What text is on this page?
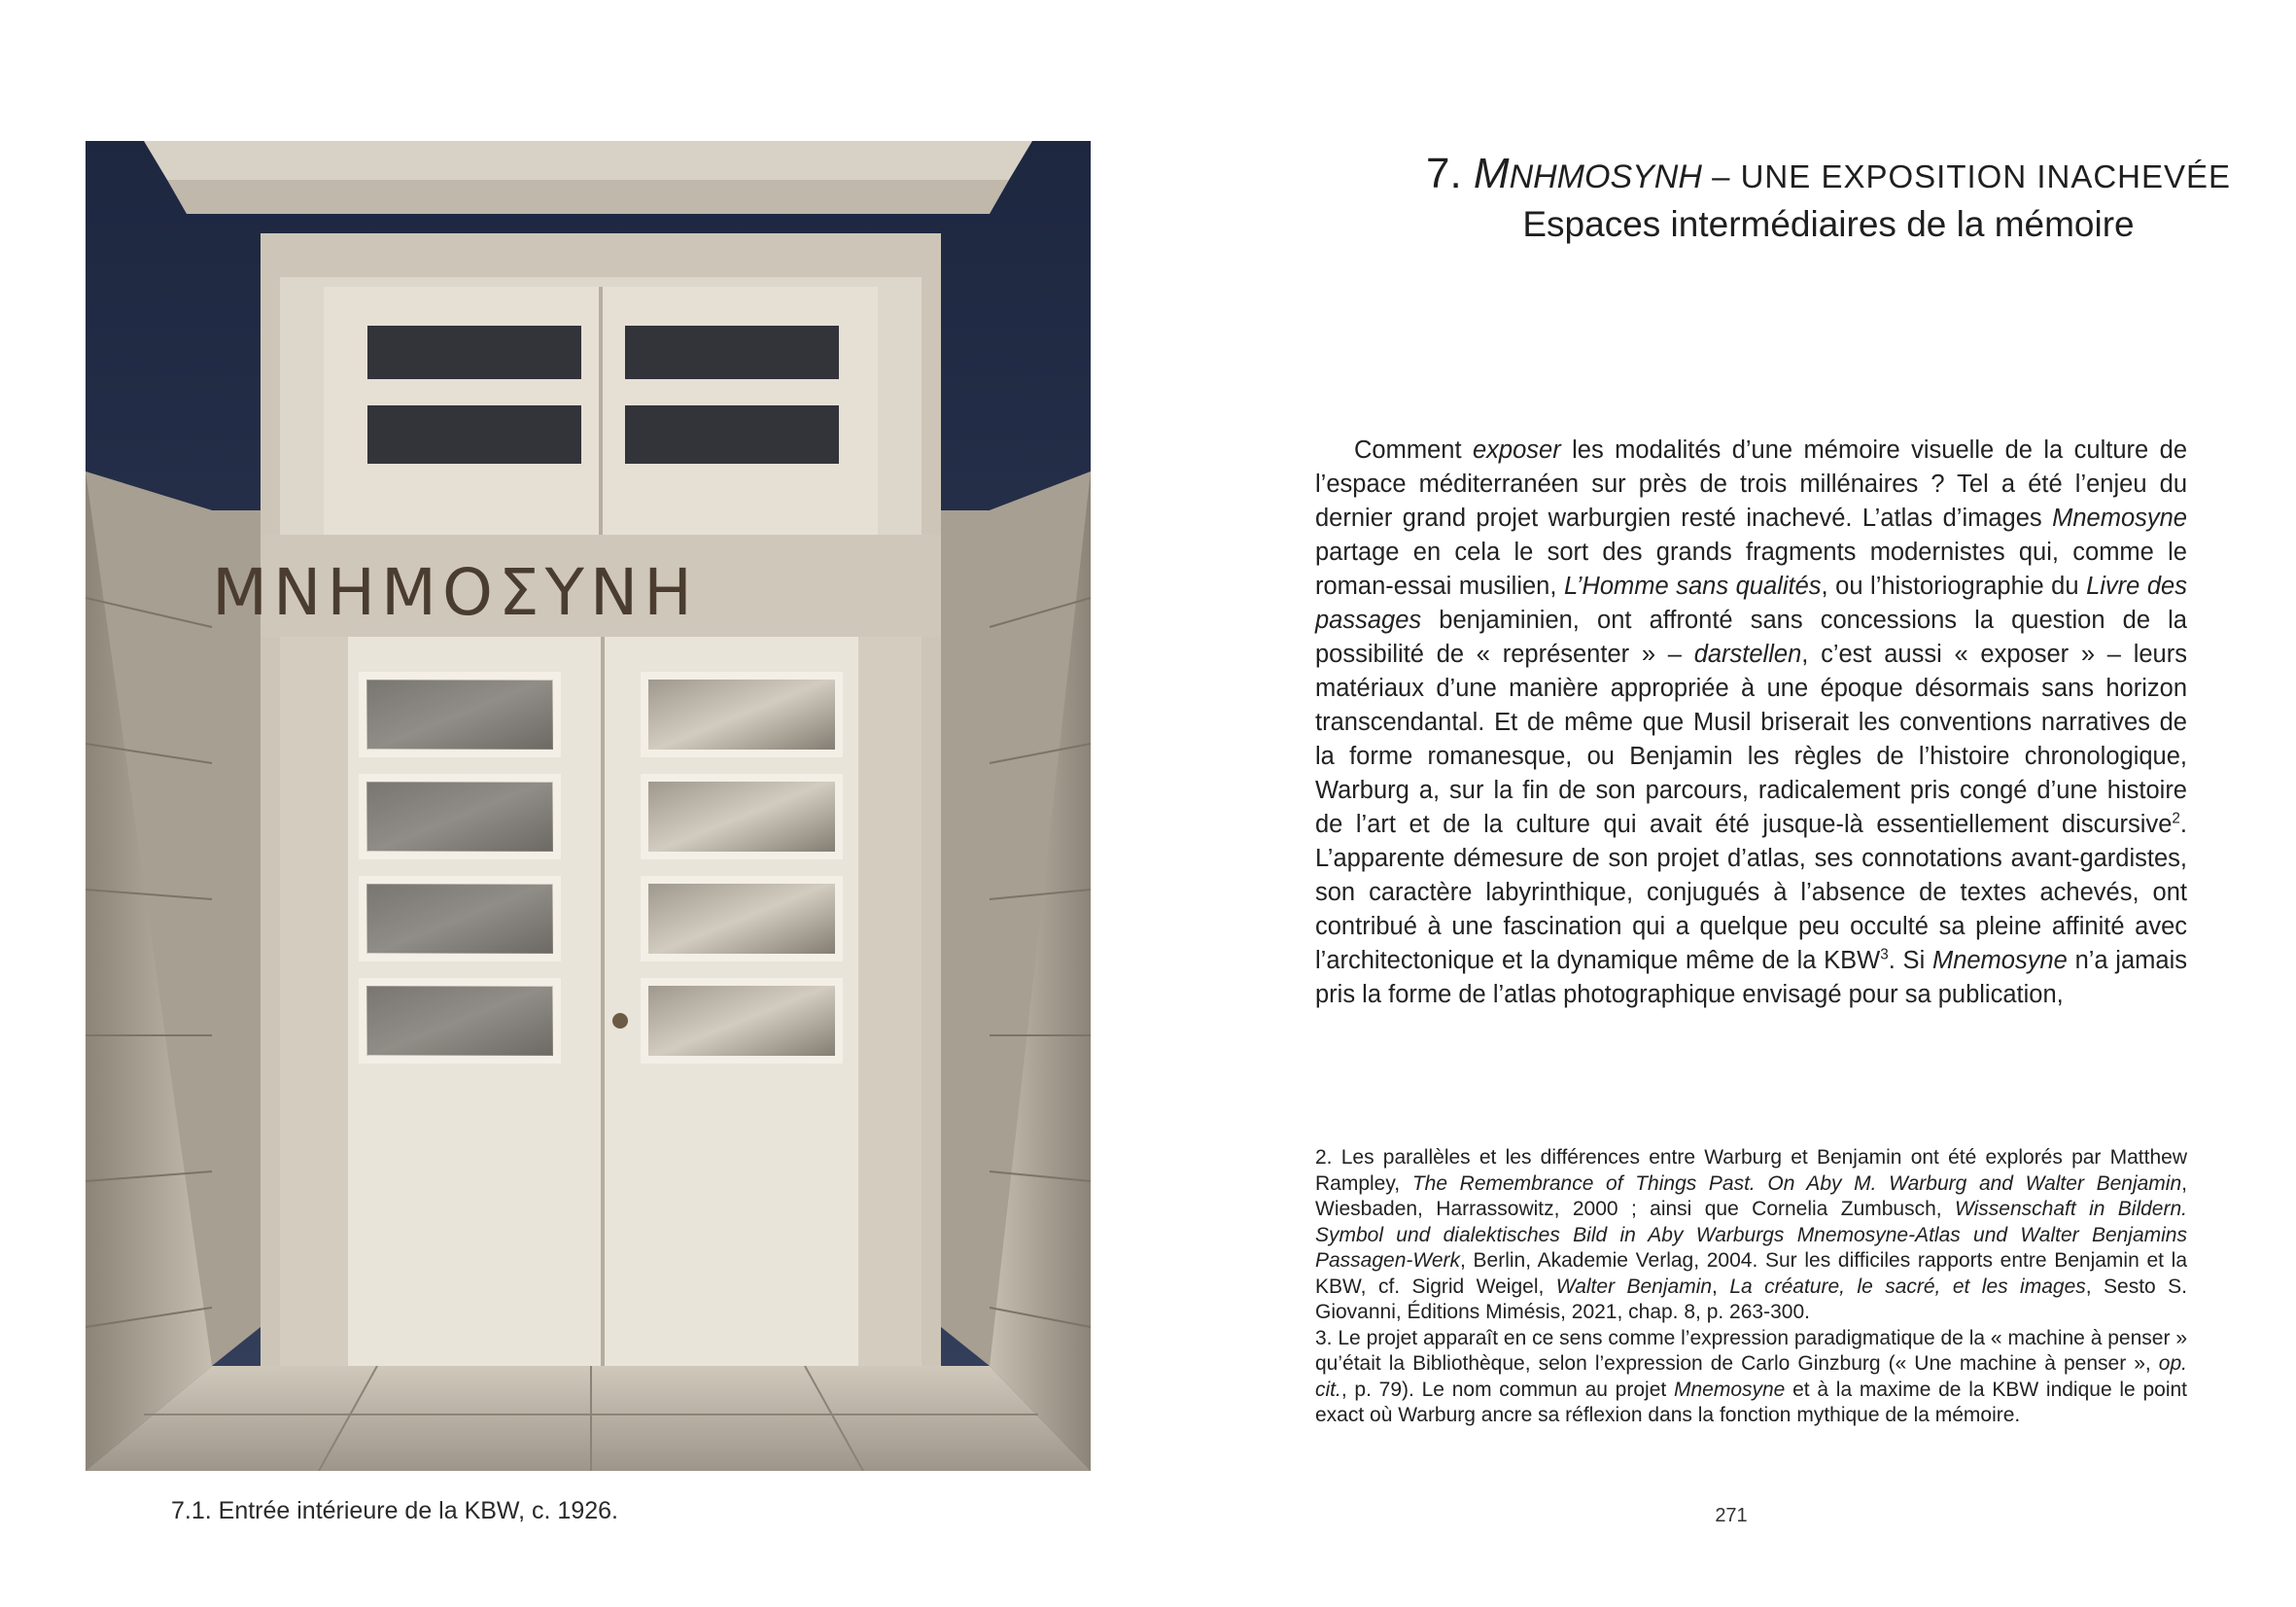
ΜΝΗΜΟΣΥΝΗ
7.1. Entrée intérieure de la KBW, c. 1926.
7. MNHMOSYNH – UNE EXPOSITION INACHEVÉE
Espaces intermédiaires de la mémoire

Comment exposer les modalités d’une mémoire visuelle de la culture de l’espace méditerranéen sur près de trois millénaires ? Tel a été l’enjeu du dernier grand projet warburgien resté inachevé. L’atlas d’images Mnemosyne partage en cela le sort des grands fragments modernistes qui, comme le roman-essai musilien, L’Homme sans qualités, ou l’historiographie du Livre des passages benjaminien, ont affronté sans concessions la question de la possibilité de « représenter » – darstellen, c’est aussi « exposer » – leurs matériaux d’une manière appropriée à une époque désormais sans horizon transcendantal. Et de même que Musil briserait les conventions narratives de la forme romanesque, ou Benjamin les règles de l’histoire chronologique, Warburg a, sur la fin de son parcours, radicalement pris congé d’une histoire de l’art et de la culture qui avait été jusque-là essentiellement discursive$^2$. L’apparente démesure de son projet d’atlas, ses connotations avant-gardistes, son caractère labyrinthique, conjugués à l’absence de textes achevés, ont contribué à une fascination qui a quelque peu occulté sa pleine affinité avec l’architectonique et la dynamique même de la KBW$^3$. Si Mnemosyne n’a jamais pris la forme de l’atlas photographique envisagé pour sa publication,

2. Les parallèles et les différences entre Warburg et Benjamin ont été explorés par Matthew Rampley, The Remembrance of Things Past. On Aby M. Warburg and Walter Benjamin, Wiesbaden, Harrassowitz, 2000 ; ainsi que Cornelia Zumbusch, Wissenschaft in Bildern. Symbol und dialektisches Bild in Aby Warburgs Mnemosyne-Atlas und Walter Benjamins Passagen-Werk, Berlin, Akademie Verlag, 2004. Sur les difficiles rapports entre Benjamin et la KBW, cf. Sigrid Weigel, Walter Benjamin, La créature, le sacré, et les images, Sesto S. Giovanni, Éditions Mimésis, 2021, chap. 8, p. 263-300.

3. Le projet apparaît en ce sens comme l’expression paradigmatique de la « machine à penser » qu’était la Bibliothèque, selon l’expression de Carlo Ginzburg (« Une machine à penser », op. cit., p. 79). Le nom commun au projet Mnemosyne et à la maxime de la KBW indique le point exact où Warburg ancre sa réflexion dans la fonction mythique de la mémoire.

271
